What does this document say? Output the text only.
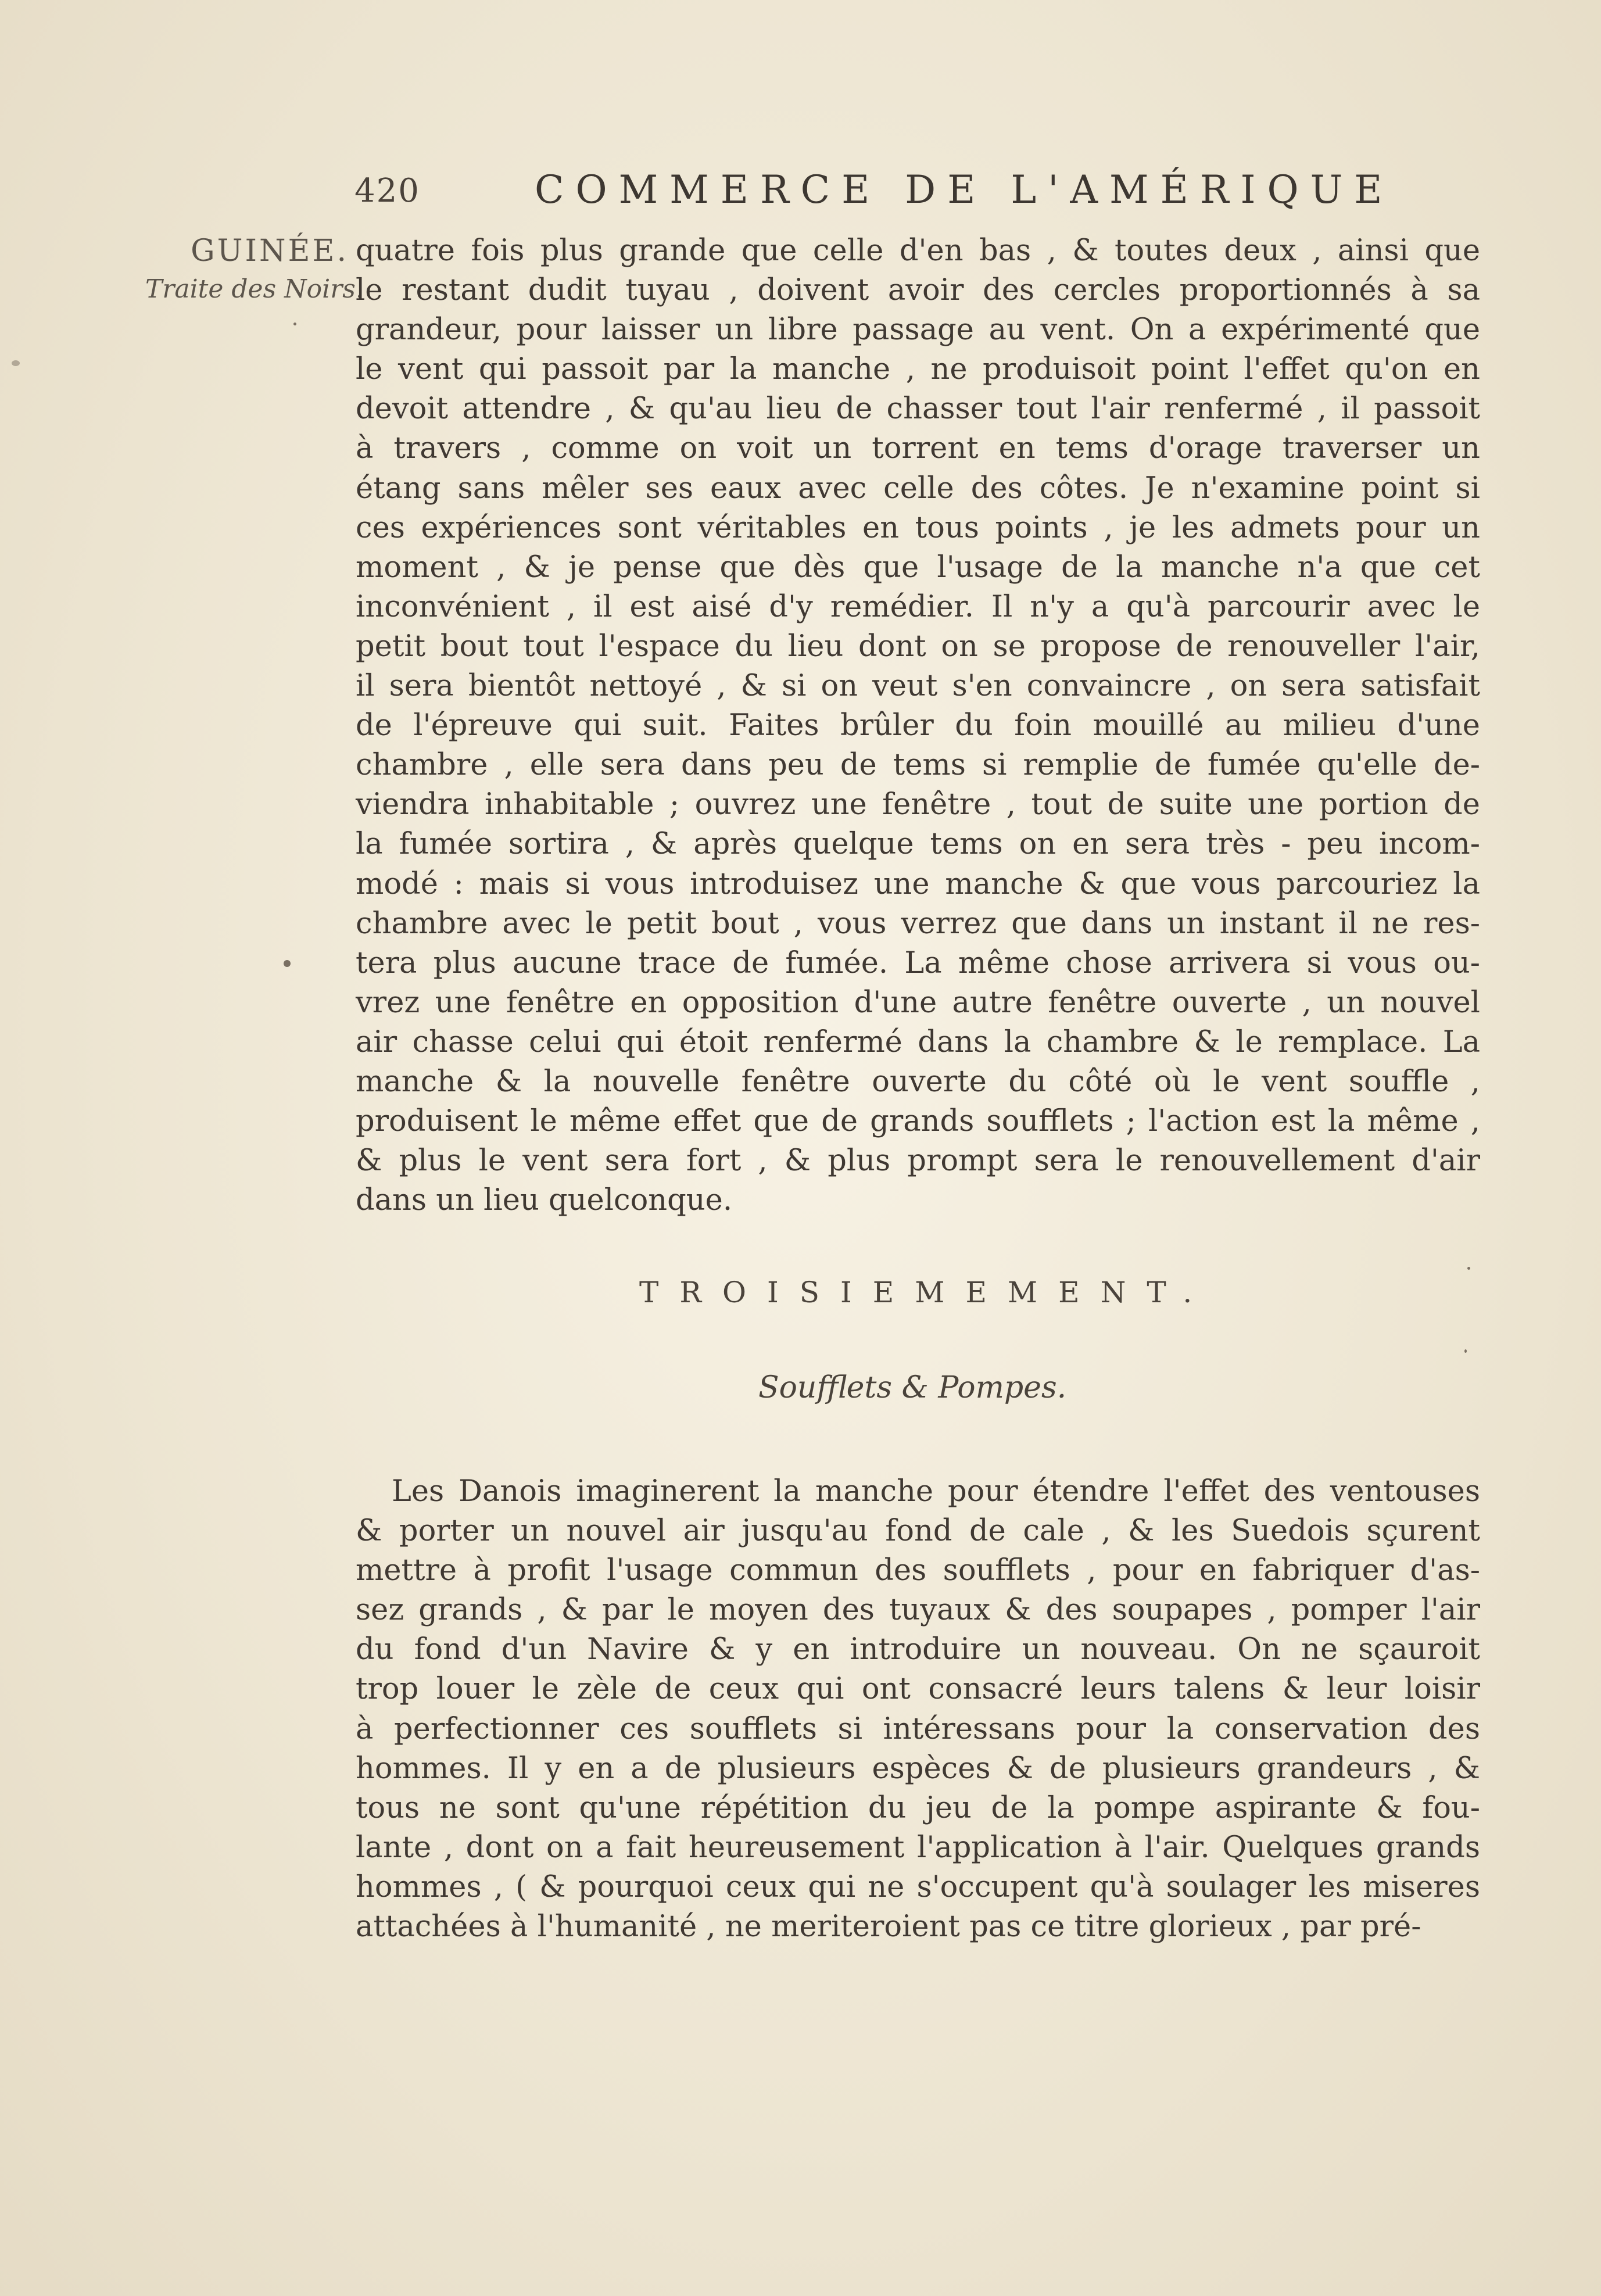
420	COMMERCE DE L'AMÉRIQUE
GUINÉE.
Traite des Noirs.
quatre fois plus grande que celle d'en bas , & toutes deux , ainsi que
le restant dudit tuyau , doivent avoir des cercles proportionnés à sa
grandeur, pour laisser un libre passage au vent. On a expérimenté que
le vent qui passoit par la manche , ne produisoit point l'effet qu'on en
devoit attendre , & qu'au lieu de chasser tout l'air renfermé , il passoit
à travers , comme on voit un torrent en tems d'orage traverser un
étang sans mêler ses eaux avec celle des côtes. Je n'examine point si
ces expériences sont véritables en tous points , je les admets pour un
moment , & je pense que dès que l'usage de la manche n'a que cet
inconvénient , il est aisé d'y remédier. Il n'y a qu'à parcourir avec le
petit bout tout l'espace du lieu dont on se propose de renouveller l'air,
il sera bientôt nettoyé , & si on veut s'en convaincre , on sera satisfait
de l'épreuve qui suit. Faites brûler du foin mouillé au milieu d'une
chambre , elle sera dans peu de tems si remplie de fumée qu'elle de-
viendra inhabitable ; ouvrez une fenêtre , tout de suite une portion de
la fumée sortira , & après quelque tems on en sera très - peu incom-
modé : mais si vous introduisez une manche & que vous parcouriez la
chambre avec le petit bout , vous verrez que dans un instant il ne res-
tera plus aucune trace de fumée. La même chose arrivera si vous ou-
vrez une fenêtre en opposition d'une autre fenêtre ouverte , un nouvel
air chasse celui qui étoit renfermé dans la chambre & le remplace. La
manche & la nouvelle fenêtre ouverte du côté où le vent souffle ,
produisent le même effet que de grands soufflets ; l'action est la même ,
& plus le vent sera fort , & plus prompt sera le renouvellement d'air
dans un lieu quelconque.
TROISIEMEMENT.
Soufflets & Pompes.
Les Danois imaginerent la manche pour étendre l'effet des ventouses
& porter un nouvel air jusqu'au fond de cale , & les Suedois sçurent
mettre à profit l'usage commun des soufflets , pour en fabriquer d'as-
sez grands , & par le moyen des tuyaux & des soupapes , pomper l'air
du fond d'un Navire & y en introduire un nouveau. On ne sçauroit
trop louer le zèle de ceux qui ont consacré leurs talens & leur loisir
à perfectionner ces soufflets si intéressans pour la conservation des
hommes. Il y en a de plusieurs espèces & de plusieurs grandeurs , &
tous ne sont qu'une répétition du jeu de la pompe aspirante & fou-
lante , dont on a fait heureusement l'application à l'air. Quelques grands
hommes , ( & pourquoi ceux qui ne s'occupent qu'à soulager les miseres
attachées à l'humanité , ne meriteroient pas ce titre glorieux , par pré-
